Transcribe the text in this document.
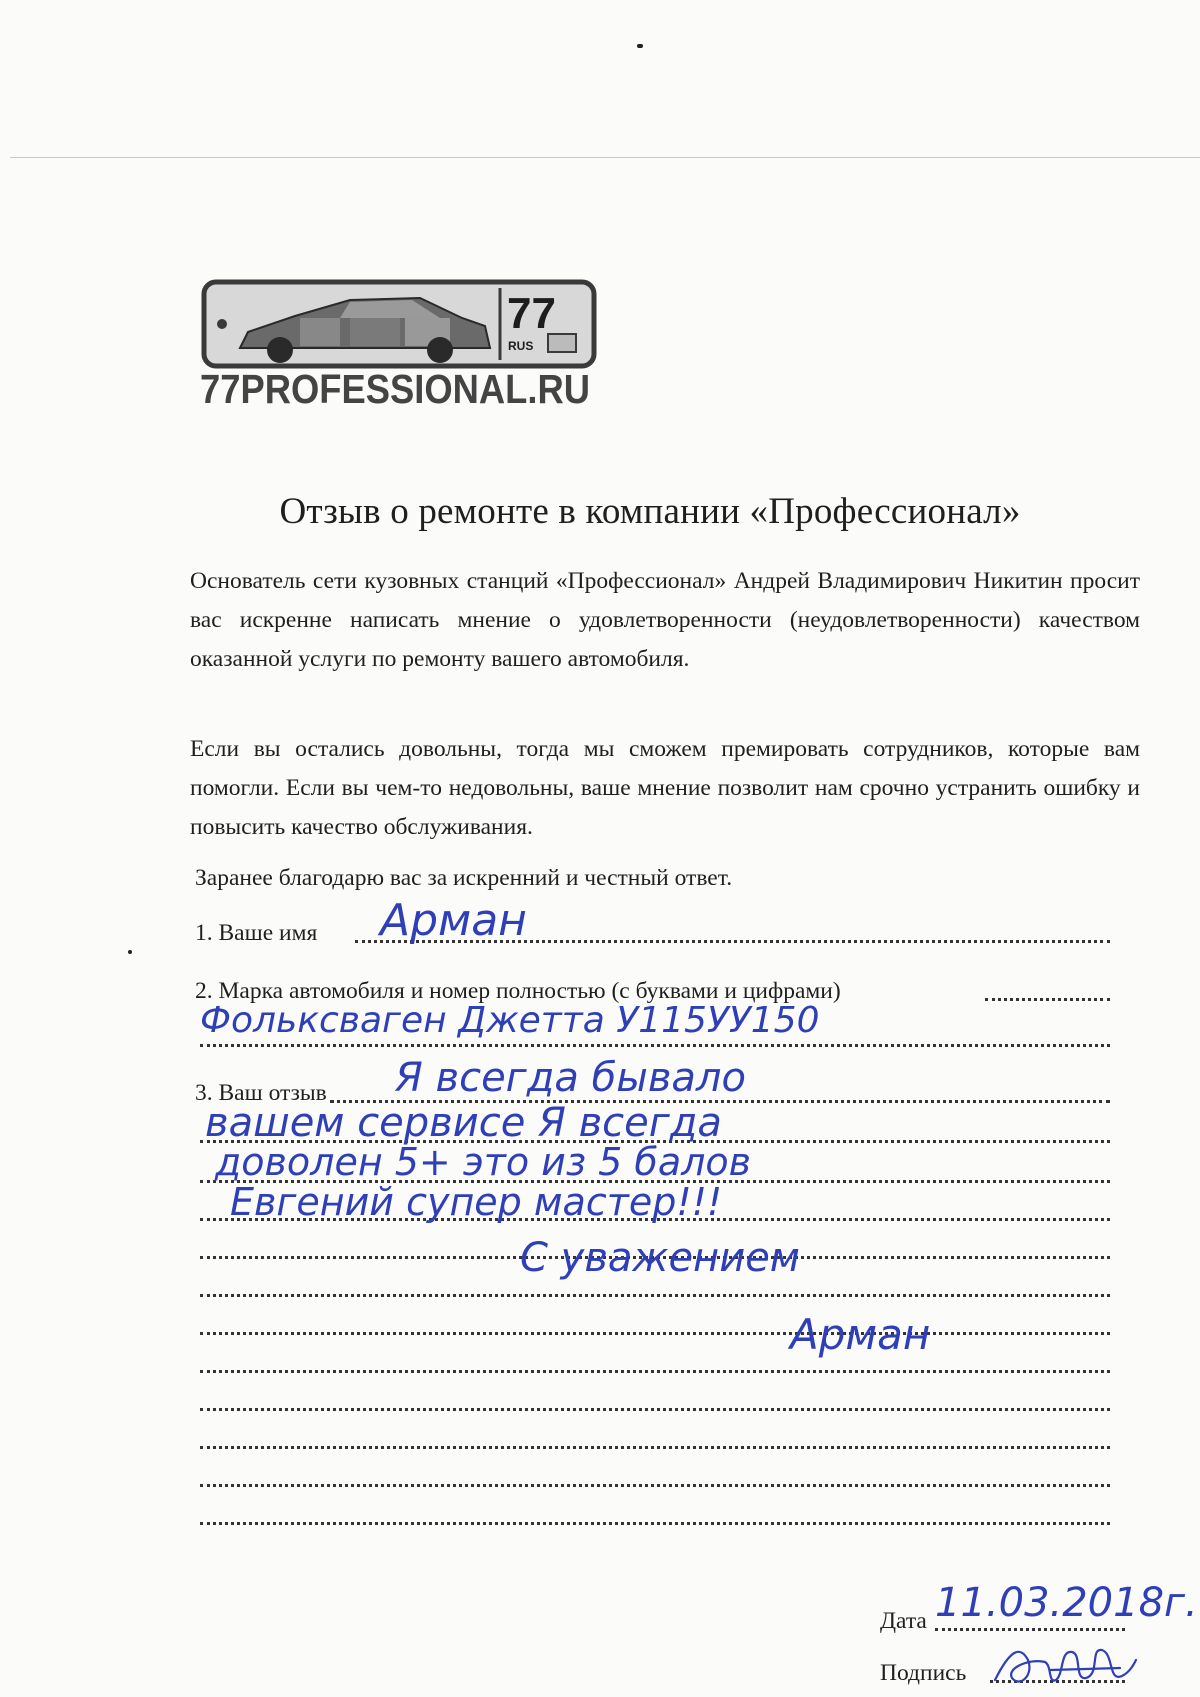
77
RUS
77PROFESSIONAL.RU
Отзыв о ремонте в компании «Профессионал»
Основатель сети кузовных станций «Профессионал» Андрей Владимирович Никитин просит вас искренне написать мнение о удовлетворенности (неудовлетворенности) качеством оказанной услуги по ремонту вашего автомобиля.
Если вы остались довольны, тогда мы сможем премировать сотрудников, которые вам помогли. Если вы чем-то недовольны, ваше мнение позволит нам срочно устранить ошибку и повысить качество обслуживания.
Заранее благодарю вас за искренний и честный ответ.
1. Ваше имя Арман
2. Марка автомобиля и номер полностью (с буквами и цифрами)
Фольксваген Джетта У115УУ150
3. Ваш отзыв Я всегда бывало
вашем сервисе Я всегда
доволен 5+ это из 5 балов
Евгений супер мастер!!!
С уважением
Арман
Дата 11.03.2018г.
Подпись
